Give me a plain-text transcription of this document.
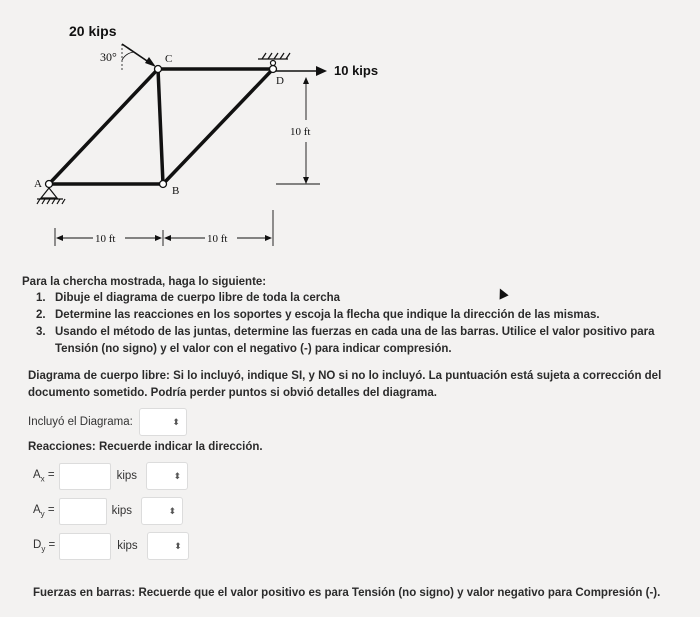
20 kips
30°
10 kips
10 ft
10 ft	10 ft
A
B
C
D
Para la chercha mostrada, haga lo siguiente:
1. Dibuje el diagrama de cuerpo libre de toda la cercha
2. Determine las reacciones en los soportes y escoja la flecha que indique la dirección de las mismas.
3. Usando el método de las juntas, determine las fuerzas en cada una de las barras. Utilice el valor positivo para Tensión (no signo) y el valor con el negativo (-) para indicar compresión.
Diagrama de cuerpo libre: Si lo incluyó, indique SI, y NO si no lo incluyó. La puntuación está sujeta a corrección del documento sometido. Podría perder puntos si obvió detalles del diagrama.
Incluyó el Diagrama:	⬍
Reacciones: Recuerde indicar la dirección.
$A_x$ =	kips	⬍
$A_y$ =	kips	⬍
$D_y$ =	kips	⬍
Fuerzas en barras: Recuerde que el valor positivo es para Tensión (no signo) y valor negativo para Compresión (-).
